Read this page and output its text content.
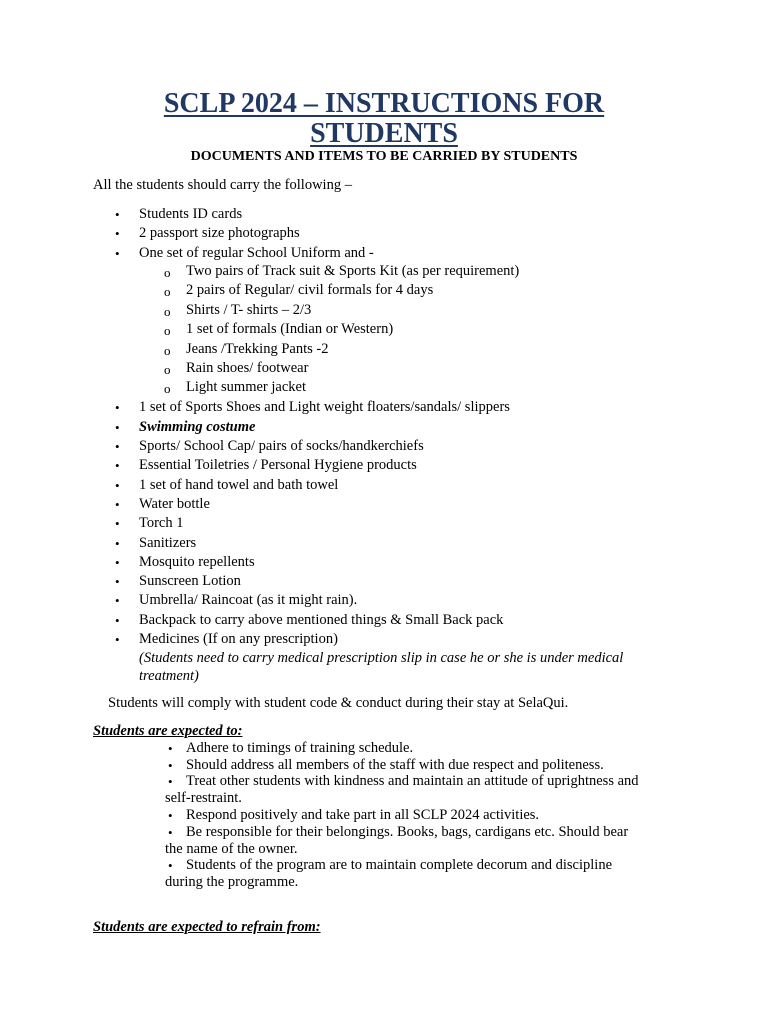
SCLP 2024 – INSTRUCTIONS FOR
STUDENTS
DOCUMENTS AND ITEMS TO BE CARRIED BY STUDENTS
All the students should carry the following –
• Students ID cards
• 2 passport size photographs
• One set of regular School Uniform and -
o Two pairs of Track suit & Sports Kit (as per requirement)
o 2 pairs of Regular/ civil formals for 4 days
o Shirts / T- shirts – 2/3
o 1 set of formals (Indian or Western)
o Jeans /Trekking Pants -2
o Rain shoes/ footwear
o Light summer jacket
• 1 set of Sports Shoes and Light weight floaters/sandals/ slippers
• Swimming costume
• Sports/ School Cap/ pairs of socks/handkerchiefs
• Essential Toiletries / Personal Hygiene products
• 1 set of hand towel and bath towel
• Water bottle
• Torch 1
• Sanitizers
• Mosquito repellents
• Sunscreen Lotion
• Umbrella/ Raincoat (as it might rain).
• Backpack to carry above mentioned things & Small Back pack
• Medicines (If on any prescription)
(Students need to carry medical prescription slip in case he or she is under medical
treatment)
Students will comply with student code & conduct during their stay at SelaQui.
Students are expected to:
• Adhere to timings of training schedule.
• Should address all members of the staff with due respect and politeness.
• Treat other students with kindness and maintain an attitude of uprightness and
self-restraint.
• Respond positively and take part in all SCLP 2024 activities.
• Be responsible for their belongings. Books, bags, cardigans etc. Should bear
the name of the owner.
• Students of the program are to maintain complete decorum and discipline
during the programme.
Students are expected to refrain from:
